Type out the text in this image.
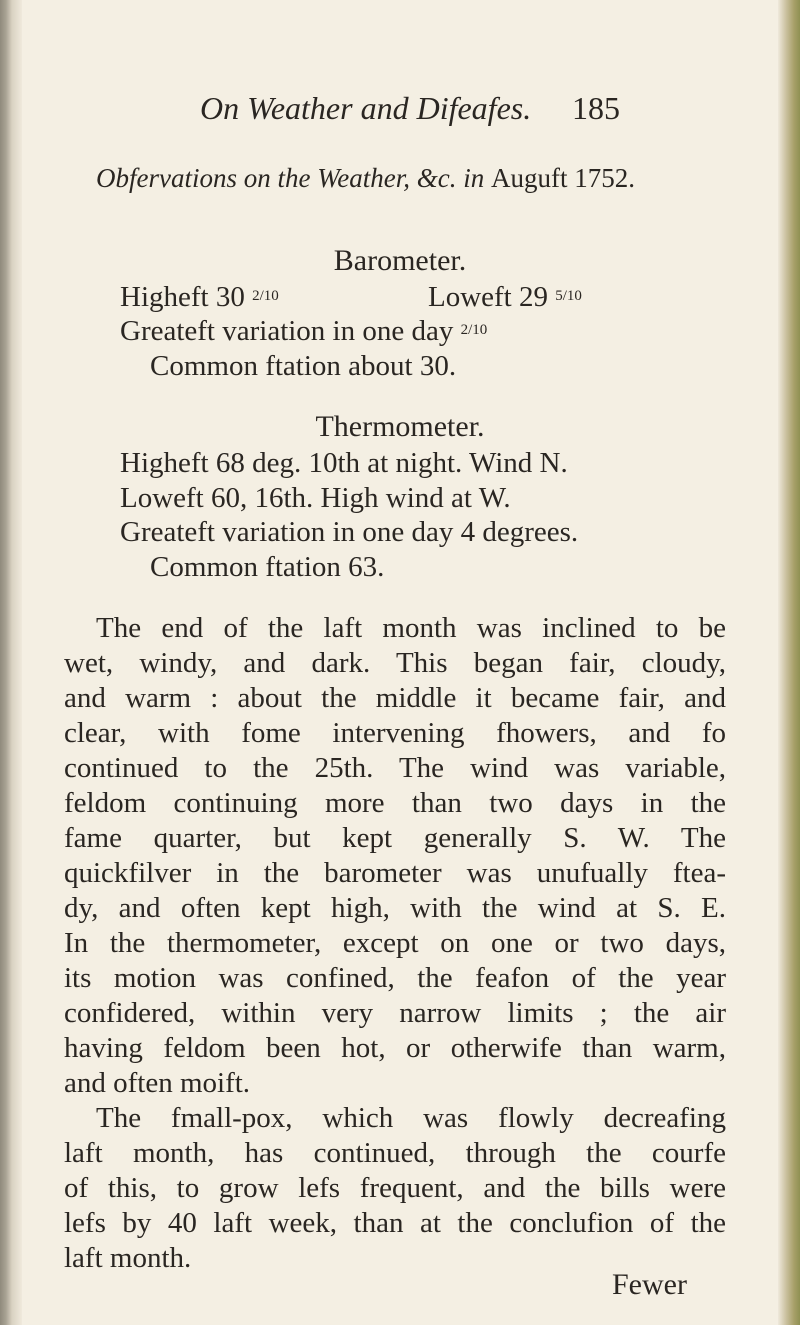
On Weather and Difeafes. 185
Obfervations on the Weather, &c. in Auguft 1752.
Barometer.
Higheft 30 $^{2/10}$	Loweft 29 $^{5/10}$
Greateft variation in one day $^{2/10}$
Common ftation about 30.
Thermometer.
Higheft 68 deg. 10th at night. Wind N.
Loweft 60, 16th. High wind at W.
Greateft variation in one day 4 degrees.
Common ftation 63.
The end of the laft month was inclined to be
wet, windy, and dark. This began fair, cloudy,
and warm : about the middle it became fair, and
clear, with fome intervening fhowers, and fo
continued to the 25th. The wind was variable,
feldom continuing more than two days in the
fame quarter, but kept generally S. W. The
quickfilver in the barometer was unufually ftea-
dy, and often kept high, with the wind at S. E.
In the thermometer, except on one or two days,
its motion was confined, the feafon of the year
confidered, within very narrow limits ; the air
having feldom been hot, or otherwife than warm,
and often moift.
The fmall-pox, which was flowly decreafing
laft month, has continued, through the courfe
of this, to grow lefs frequent, and the bills were
lefs by 40 laft week, than at the conclufion of the
laft month.
Fewer
